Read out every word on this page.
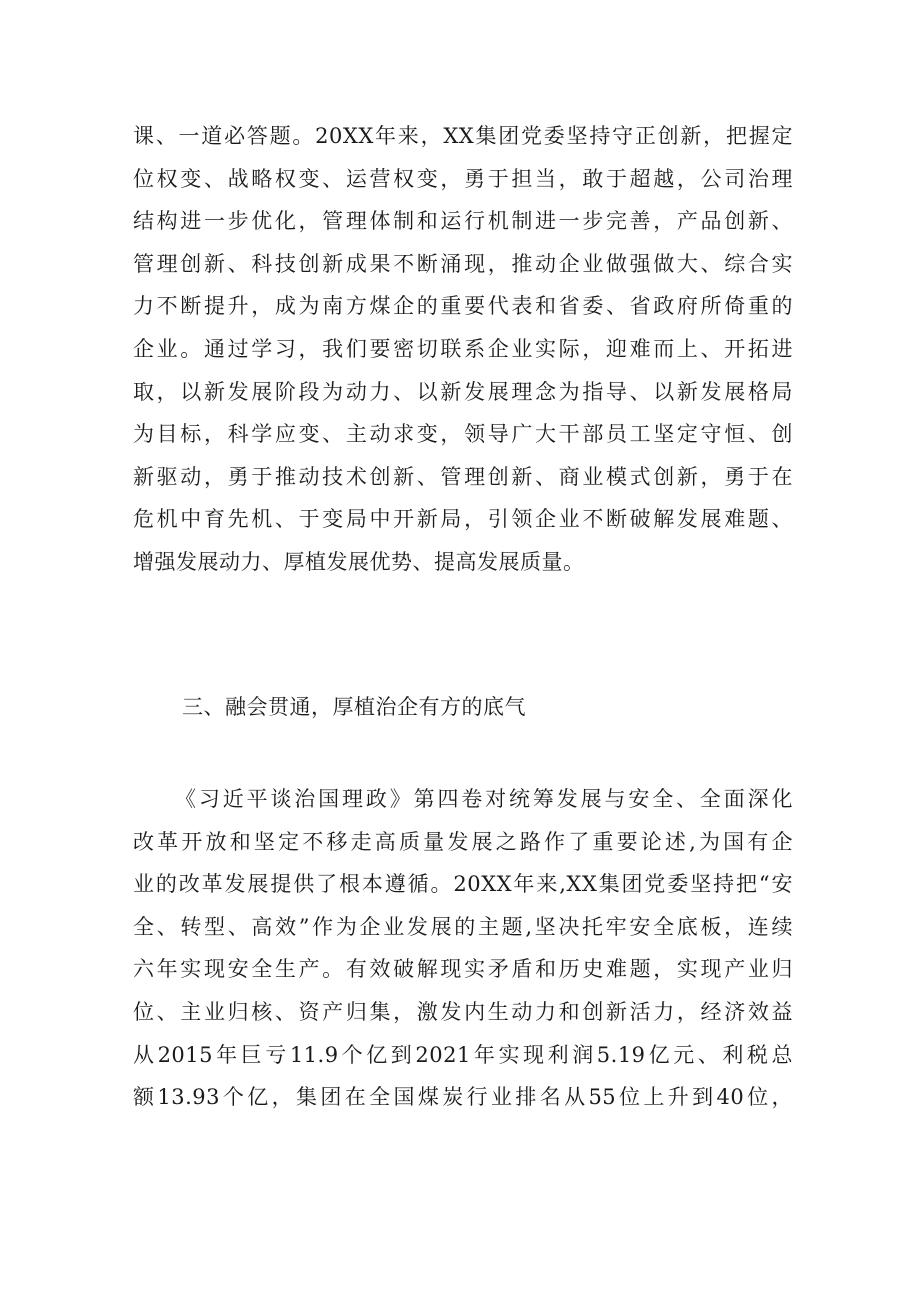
课、一道必答题。20XX年来，XX集团党委坚持守正创新，把握定
位权变、战略权变、运营权变，勇于担当，敢于超越，公司治理
结构进一步优化，管理体制和运行机制进一步完善，产品创新、
管理创新、科技创新成果不断涌现，推动企业做强做大、综合实
力不断提升，成为南方煤企的重要代表和省委、省政府所倚重的
企业。通过学习，我们要密切联系企业实际，迎难而上、开拓进
取，以新发展阶段为动力、以新发展理念为指导、以新发展格局
为目标，科学应变、主动求变，领导广大干部员工坚定守恒、创
新驱动，勇于推动技术创新、管理创新、商业模式创新，勇于在
危机中育先机、于变局中开新局，引领企业不断破解发展难题、
增强发展动力、厚植发展优势、提高发展质量。
三、融会贯通，厚植治企有方的底气
《习近平谈治国理政》第四卷对统筹发展与安全、全面深化
改革开放和坚定不移走高质量发展之路作了重要论述,为国有企
业的改革发展提供了根本遵循。20XX年来,XX集团党委坚持把“安
全、转型、高效”作为企业发展的主题,坚决托牢安全底板，连续
六年实现安全生产。有效破解现实矛盾和历史难题，实现产业归
位、主业归核、资产归集，激发内生动力和创新活力，经济效益
从2015年巨亏11.9个亿到2021年实现利润5.19亿元、利税总
额13.93个亿，集团在全国煤炭行业排名从55位上升到40位，
